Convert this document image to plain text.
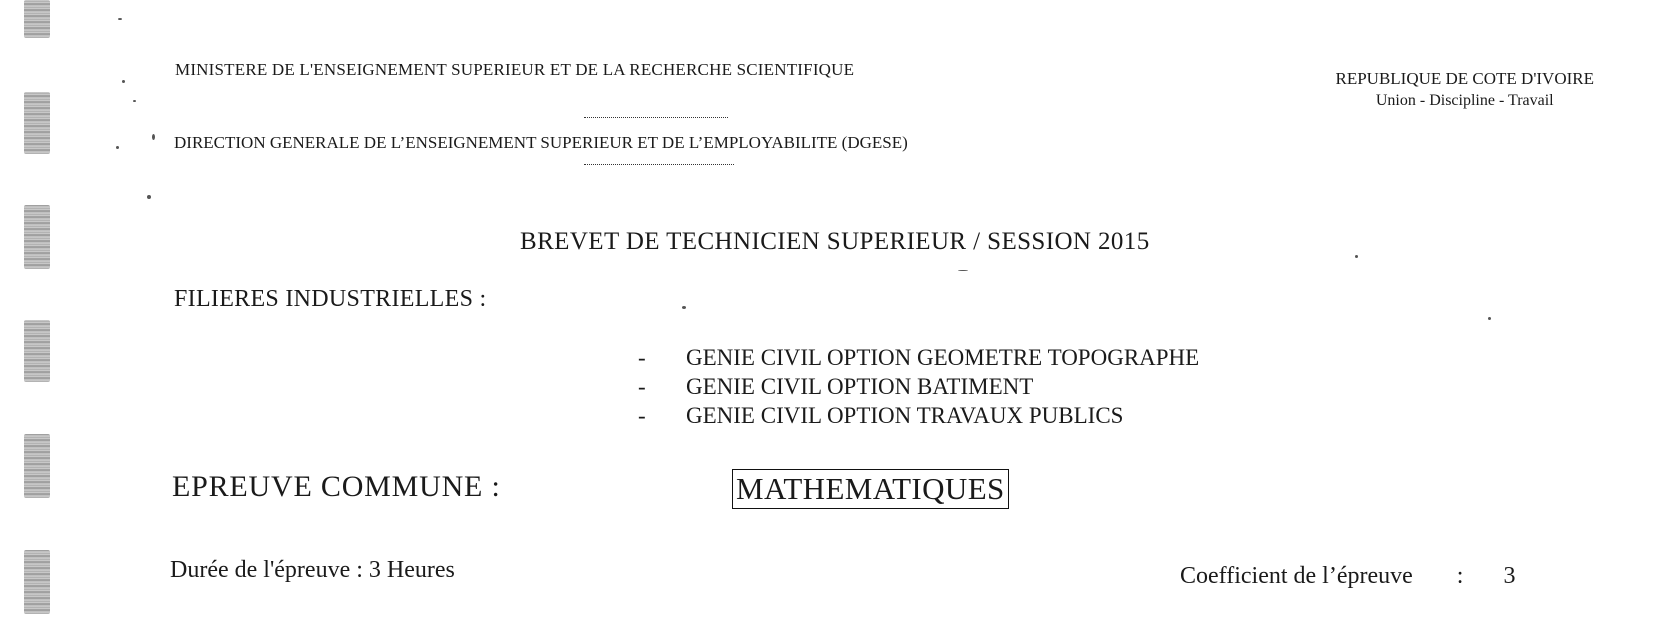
MINISTERE DE L'ENSEIGNEMENT SUPERIEUR ET DE LA RECHERCHE SCIENTIFIQUE
DIRECTION GENERALE DE L’ENSEIGNEMENT SUPERIEUR ET DE L’EMPLOYABILITE (DGESE)
REPUBLIQUE DE COTE D'IVOIRE
Union - Discipline - Travail
BREVET DE TECHNICIEN SUPERIEUR / SESSION 2015
FILIERES INDUSTRIELLES :
- GENIE CIVIL OPTION GEOMETRE TOPOGRAPHE
- GENIE CIVIL OPTION BATIMENT
- GENIE CIVIL OPTION TRAVAUX PUBLICS
EPREUVE COMMUNE :	MATHEMATIQUES
Durée de l'épreuve : 3 Heures	Coefficient de l’épreuve : 3
